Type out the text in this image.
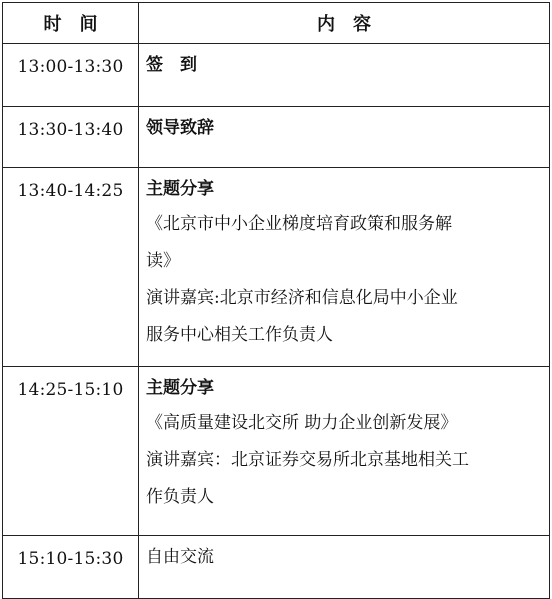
时　间	内　容
13:00-13:30	签　到

13:30-13:40	领导致辞

13:40-14:25	主题分享
《北京市中小企业梯度培育政策和服务解
读》
演讲嘉宾:北京市经济和信息化局中小企业
服务中心相关工作负责人

14:25-15:10	主题分享
《高质量建设北交所 助力企业创新发展》
演讲嘉宾：北京证券交易所北京基地相关工
作负责人

15:10-15:30	自由交流
